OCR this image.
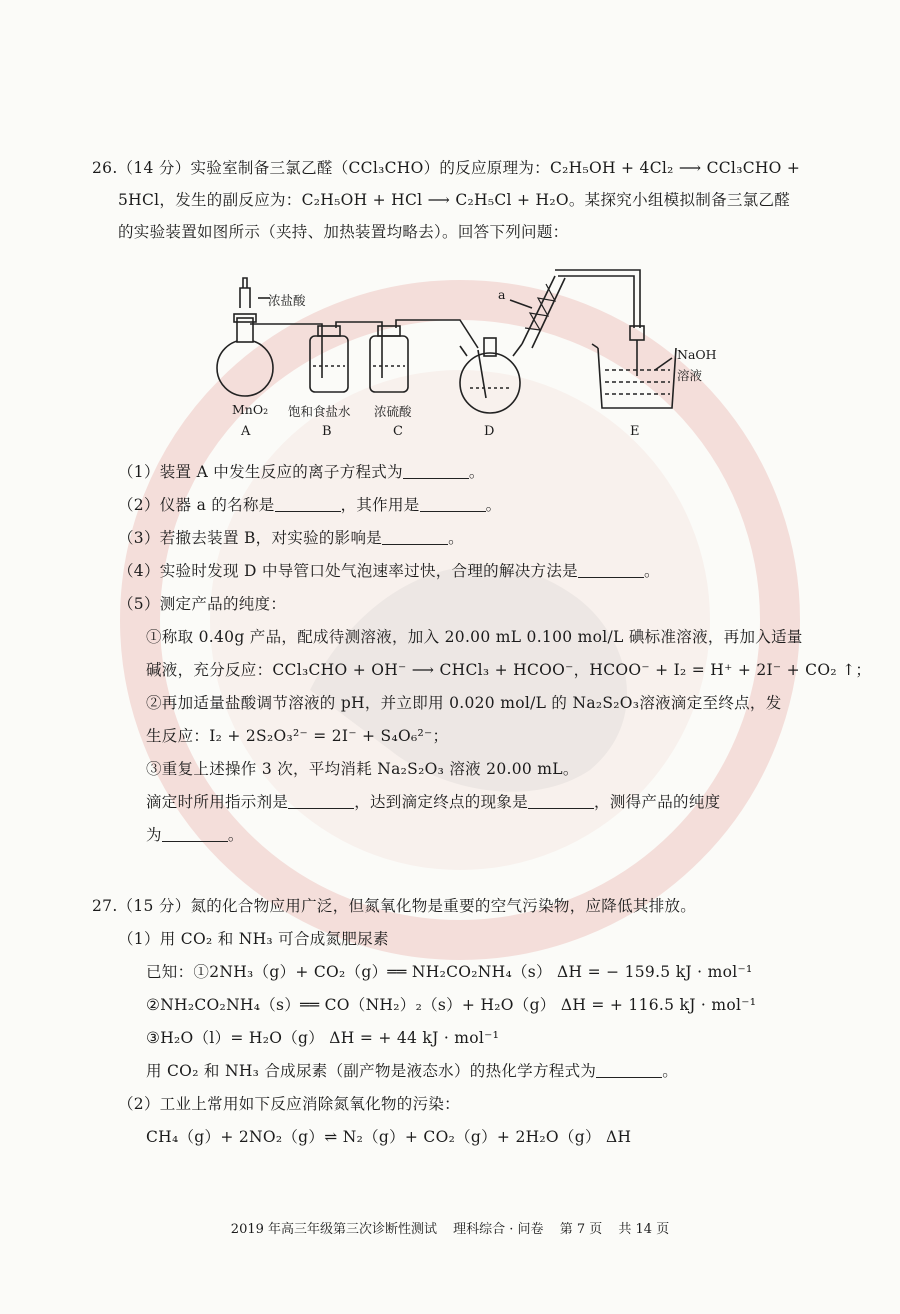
26.（14 分）实验室制备三氯乙醛（CCl₃CHO）的反应原理为：C₂H₅OH + 4Cl₂ ⟶ CCl₃CHO +
5HCl，发生的副反应为：C₂H₅OH + HCl ⟶ C₂H₅Cl + H₂O。某探究小组模拟制备三氯乙醛
的实验装置如图所示（夹持、加热装置均略去）。回答下列问题：
浓盐酸
MnO₂ 饱和食盐水 浓硫酸
a
NaOH
溶液
A	B	C	D	E
（1）装置 A 中发生反应的离子方程式为	。
（2）仪器 a 的名称是	，其作用是	。
（3）若撤去装置 B，对实验的影响是	。
（4）实验时发现 D 中导管口处气泡速率过快，合理的解决方法是	。
（5）测定产品的纯度：
①称取 0.40g 产品，配成待测溶液，加入 20.00 mL 0.100 mol/L 碘标准溶液，再加入适量
碱液，充分反应：CCl₃CHO + OH⁻ ⟶ CHCl₃ + HCOO⁻，HCOO⁻ + I₂ = H⁺ + 2I⁻ + CO₂ ↑；
②再加适量盐酸调节溶液的 pH，并立即用 0.020 mol/L 的 Na₂S₂O₃溶液滴定至终点，发
生反应：I₂ + 2S₂O₃²⁻ = 2I⁻ + S₄O₆²⁻；
③重复上述操作 3 次，平均消耗 Na₂S₂O₃ 溶液 20.00 mL。
滴定时所用指示剂是	，达到滴定终点的现象是	，测得产品的纯度
为	。
27.（15 分）氮的化合物应用广泛，但氮氧化物是重要的空气污染物，应降低其排放。
（1）用 CO₂ 和 NH₃ 可合成氮肥尿素
已知：①2NH₃（g）+ CO₂（g）══ NH₂CO₂NH₄（s） ΔH = − 159.5 kJ · mol⁻¹
②NH₂CO₂NH₄（s）══ CO（NH₂）₂（s）+ H₂O（g） ΔH = + 116.5 kJ · mol⁻¹
③H₂O（l）= H₂O（g） ΔH = + 44 kJ · mol⁻¹
用 CO₂ 和 NH₃ 合成尿素（副产物是液态水）的热化学方程式为	。
（2）工业上常用如下反应消除氮氧化物的污染：
CH₄（g）+ 2NO₂（g）⇌ N₂（g）+ CO₂（g）+ 2H₂O（g） ΔH
2019 年高三年级第三次诊断性测试 理科综合 · 问卷 第 7 页 共 14 页
